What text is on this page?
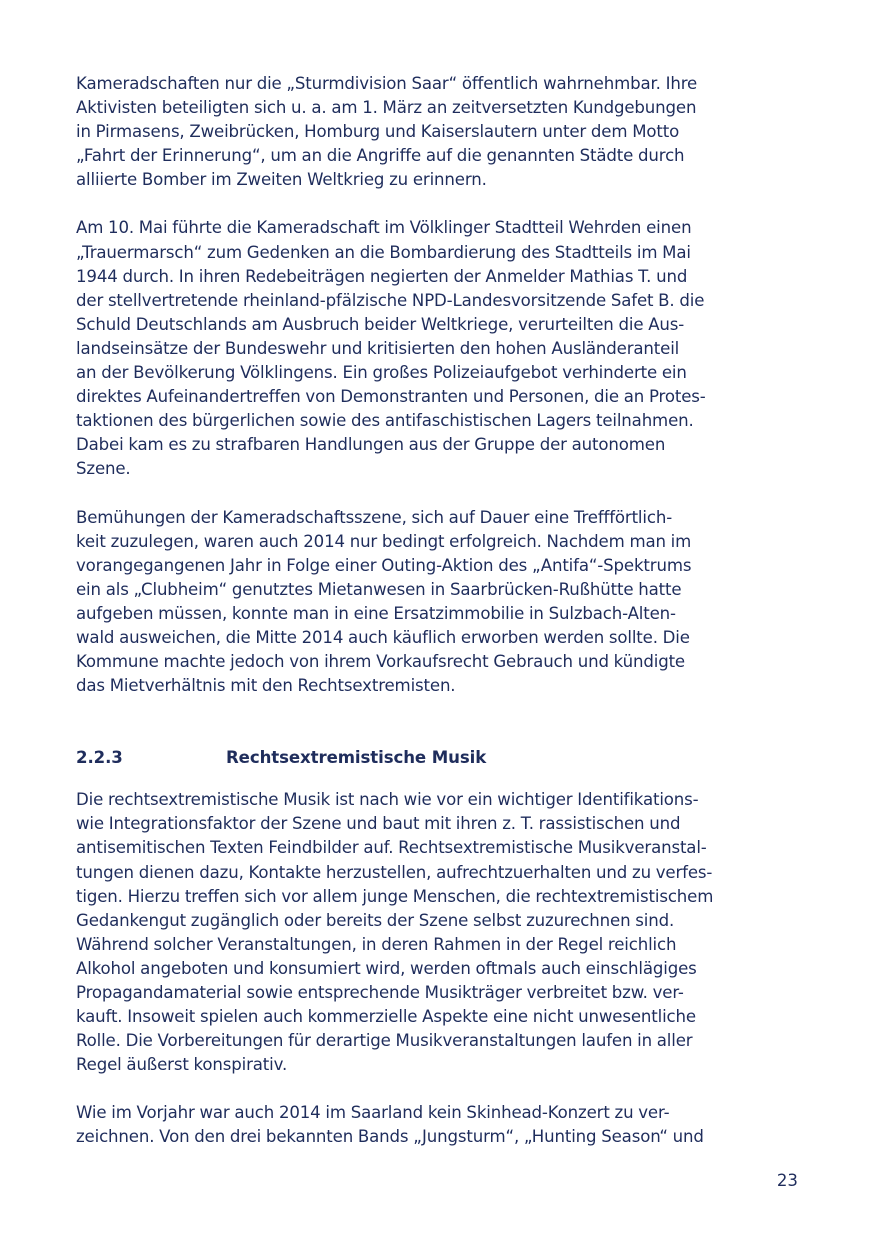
Kameradschaften nur die „Sturmdivision Saar“ öffentlich wahrnehmbar. Ihre
Aktivisten beteiligten sich u. a. am 1. März an zeitversetzten Kundgebungen
in Pirmasens, Zweibrücken, Homburg und Kaiserslautern unter dem Motto
„Fahrt der Erinnerung“, um an die Angriffe auf die genannten Städte durch
alliierte Bomber im Zweiten Weltkrieg zu erinnern.

Am 10. Mai führte die Kameradschaft im Völklinger Stadtteil Wehrden einen
„Trauermarsch“ zum Gedenken an die Bombardierung des Stadtteils im Mai
1944 durch. In ihren Redebeiträgen negierten der Anmelder Mathias T. und
der stellvertretende rheinland-pfälzische NPD-Landesvorsitzende Safet B. die
Schuld Deutschlands am Ausbruch beider Weltkriege, verurteilten die Aus-
landseinsätze der Bundeswehr und kritisierten den hohen Ausländeranteil
an der Bevölkerung Völklingens. Ein großes Polizeiaufgebot verhinderte ein
direktes Aufeinandertreffen von Demonstranten und Personen, die an Protes-
taktionen des bürgerlichen sowie des antifaschistischen Lagers teilnahmen.
Dabei kam es zu strafbaren Handlungen aus der Gruppe der autonomen
Szene.

Bemühungen der Kameradschaftsszene, sich auf Dauer eine Treffförtlich-
keit zuzulegen, waren auch 2014 nur bedingt erfolgreich. Nachdem man im
vorangegangenen Jahr in Folge einer Outing-Aktion des „Antifa“-Spektrums
ein als „Clubheim“ genutztes Mietanwesen in Saarbrücken-Rußhütte hatte
aufgeben müssen, konnte man in eine Ersatzimmobilie in Sulzbach-Alten-
wald ausweichen, die Mitte 2014 auch käuflich erworben werden sollte. Die
Kommune machte jedoch von ihrem Vorkaufsrecht Gebrauch und kündigte
das Mietverhältnis mit den Rechtsextremisten.

2.2.3	Rechtsextremistische Musik

Die rechtsextremistische Musik ist nach wie vor ein wichtiger Identifikations-
wie Integrationsfaktor der Szene und baut mit ihren z. T. rassistischen und
antisemitischen Texten Feindbilder auf. Rechtsextremistische Musikveranstal-
tungen dienen dazu, Kontakte herzustellen, aufrechtzuerhalten und zu verfes-
tigen. Hierzu treffen sich vor allem junge Menschen, die rechtextremistischem
Gedankengut zugänglich oder bereits der Szene selbst zuzurechnen sind.
Während solcher Veranstaltungen, in deren Rahmen in der Regel reichlich
Alkohol angeboten und konsumiert wird, werden oftmals auch einschlägiges
Propagandamaterial sowie entsprechende Musikträger verbreitet bzw. ver-
kauft. Insoweit spielen auch kommerzielle Aspekte eine nicht unwesentliche
Rolle. Die Vorbereitungen für derartige Musikveranstaltungen laufen in aller
Regel äußerst konspirativ.

Wie im Vorjahr war auch 2014 im Saarland kein Skinhead-Konzert zu ver-
zeichnen. Von den drei bekannten Bands „Jungsturm“, „Hunting Season“ und

23
